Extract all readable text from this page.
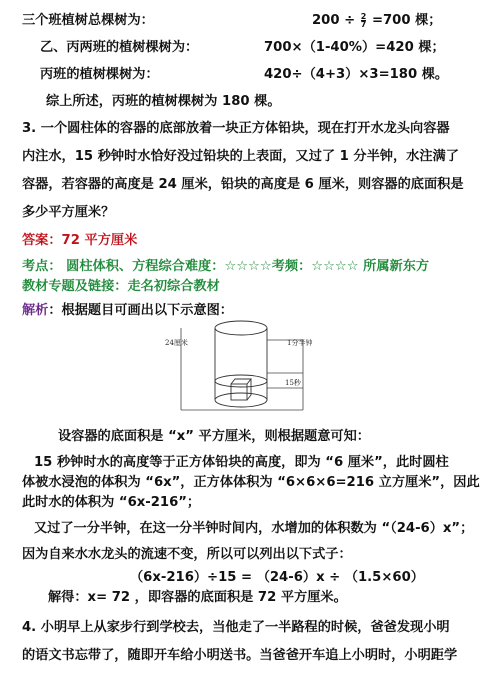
三个班植树总棵树为：	$200 \div \frac{2}{7} =700$ 棵；
乙、丙两班的植树棵树为：	700×（1-40%）=420 棵；
丙班的植树棵树为：	420÷（4+3）×3=180 棵。
综上所述，丙班的植树棵树为 180 棵。
3. 一个圆柱体的容器的底部放着一块正方体铅块，现在打开水龙头向容器
内注水，15 秒钟时水恰好没过铅块的上表面，又过了 1 分半钟，水注满了
容器，若容器的高度是 24 厘米，铅块的高度是 6 厘米，则容器的底面积是
多少平方厘米？
答案：72 平方厘米
考点： 圆柱体积、方程综合难度：☆☆☆☆考频：☆☆☆☆ 所属新东方
教材专题及链接：走名初综合教材
解析：根据题目可画出以下示意图：
24厘米	1分半钟
15秒
设容器的底面积是 “x” 平方厘米，则根据题意可知：
15 秒钟时水的高度等于正方体铅块的高度，即为 “6 厘米”，此时圆柱
体被水浸泡的体积为 “6x”，正方体体积为 “6×6×6=216 立方厘米”，因此
此时水的体积为 “6x-216”；
又过了一分半钟，在这一分半钟时间内，水增加的体积数为 “（24-6）x”；
因为自来水水龙头的流速不变，所以可以列出以下式子：
（6x-216）÷15 = （24-6）x ÷ （1.5×60）
解得：x= 72 ，即容器的底面积是 72 平方厘米。
4. 小明早上从家步行到学校去，当他走了一半路程的时候，爸爸发现小明
的语文书忘带了，随即开车给小明送书。当爸爸开车追上小明时，小明距学
